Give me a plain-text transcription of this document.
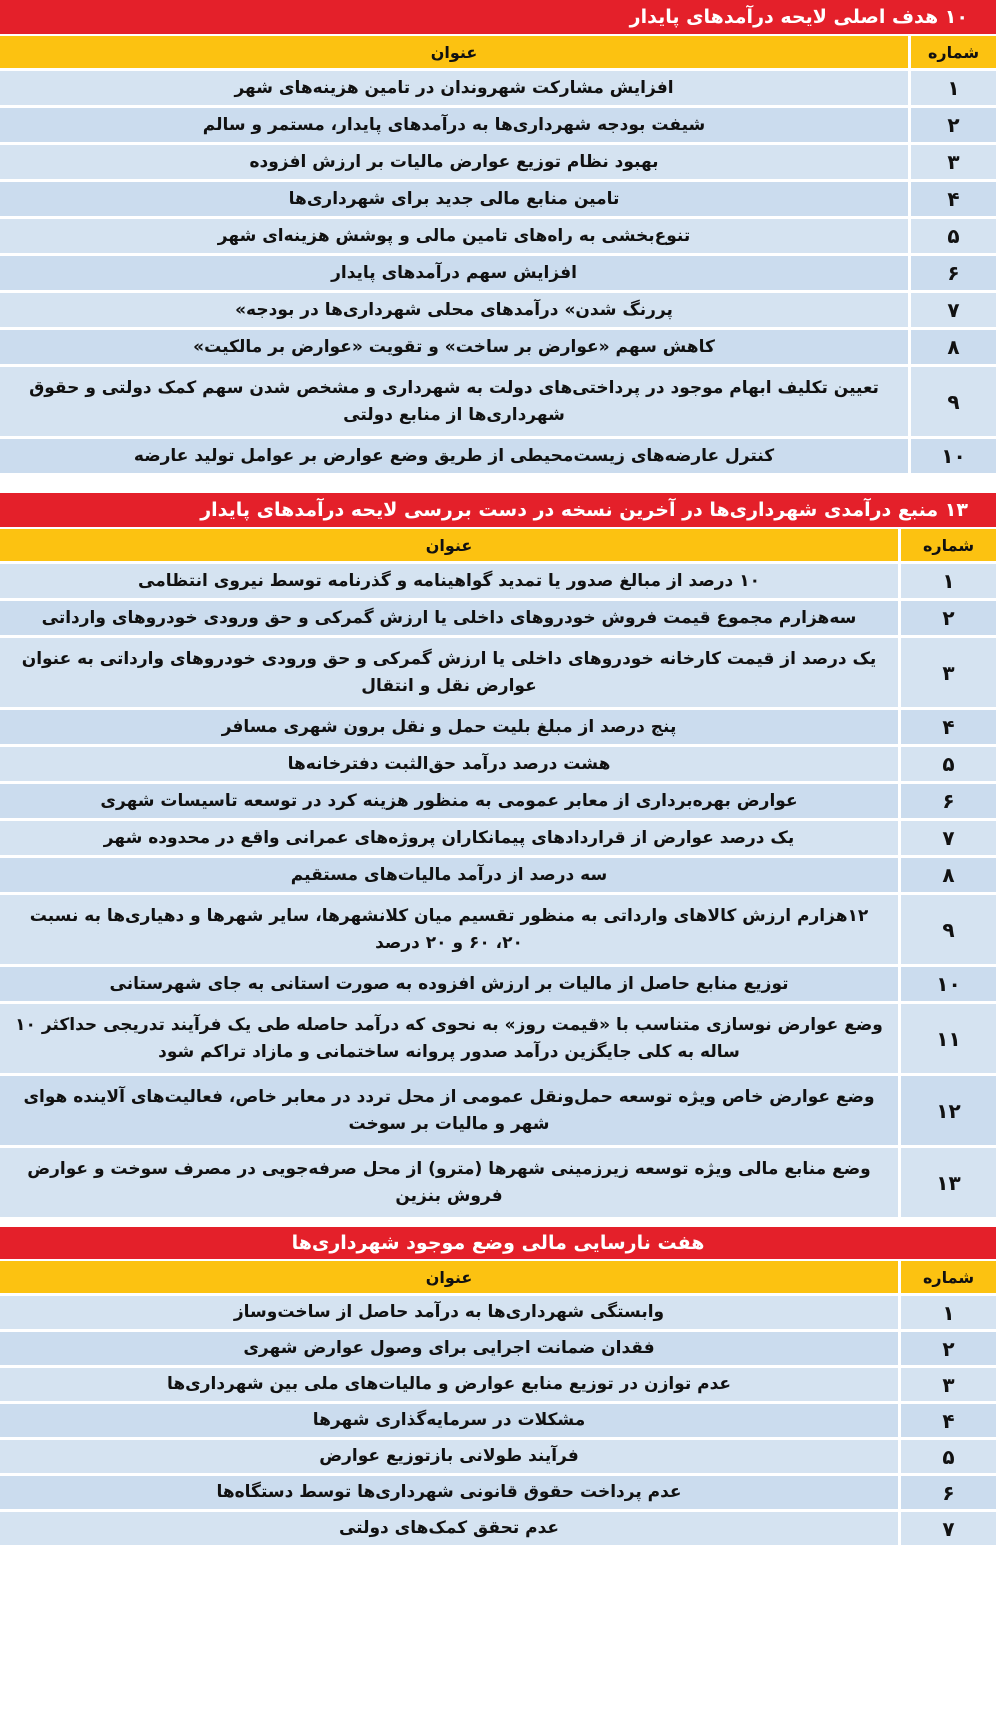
۱۰ هدف اصلی لایحه درآمدهای پایدار
شماره
عنوان
۱
افزایش مشارکت شهروندان در تامین هزینه‌های شهر
۲
شیفت بودجه شهرداری‌ها به درآمدهای پایدار، مستمر و سالم
۳
بهبود نظام توزیع عوارض مالیات بر ارزش افزوده
۴
تامین منابع مالی جدید برای شهرداری‌ها
۵
تنوع‌بخشی به راه‌های تامین مالی و پوشش هزینه‌ای شهر
۶
افزایش سهم درآمدهای پایدار
۷
پررنگ شدن» درآمدهای محلی شهرداری‌ها در بودجه»
۸
کاهش سهم «عوارض بر ساخت» و تقویت «عوارض بر مالکیت»
۹
تعیین تکلیف ابهام موجود در پرداختی‌های دولت به شهرداری و مشخص شدن سهم کمک دولتی و حقوق شهرداری‌ها از منابع دولتی
۱۰
کنترل عارضه‌های زیست‌محیطی از طریق وضع عوارض بر عوامل تولید عارضه
۱۳ منبع درآمدی شهرداری‌ها در آخرین نسخه در دست بررسی لایحه درآمدهای پایدار
شماره
عنوان
۱
۱۰ درصد از مبالغ صدور یا تمدید گواهینامه و گذرنامه توسط نیروی انتظامی
۲
سه‌هزارم مجموع قیمت فروش خودروهای داخلی یا ارزش گمرکی و حق ورودی خودروهای وارداتی
۳
یک درصد از قیمت کارخانه خودروهای داخلی یا ارزش گمرکی و حق ورودی خودروهای وارداتی به عنوان عوارض نقل و انتقال
۴
پنج درصد از مبلغ بلیت حمل و نقل برون شهری مسافر
۵
هشت درصد درآمد حق‌الثبت دفترخانه‌ها
۶
عوارض بهره‌برداری از معابر عمومی به منظور هزینه کرد در توسعه تاسیسات شهری
۷
یک درصد عوارض از قراردادهای پیمانکاران پروژه‌های عمرانی واقع در محدوده شهر
۸
سه درصد از درآمد مالیات‌های مستقیم
۹
۱۲هزارم ارزش کالاهای وارداتی به منظور تقسیم میان کلانشهرها، سایر شهرها و دهیاری‌ها به نسبت ۲۰، ۶۰ و ۲۰ درصد
۱۰
توزیع منابع حاصل از مالیات بر ارزش افزوده به صورت استانی به جای شهرستانی
۱۱
وضع عوارض نوسازی متناسب با «قیمت روز» به نحوی که درآمد حاصله طی یک فرآیند تدریجی حداکثر ۱۰ ساله به کلی جایگزین درآمد صدور پروانه ساختمانی و مازاد تراکم شود
۱۲
وضع عوارض خاص ویژه توسعه حمل‌ونقل عمومی از محل تردد در معابر خاص، فعالیت‌های آلاینده هوای شهر و مالیات بر سوخت
۱۳
وضع منابع مالی ویژه توسعه زیرزمینی شهرها (مترو) از محل صرفه‌جویی در مصرف سوخت و عوارض فروش بنزین
هفت نارسایی مالی وضع موجود شهرداری‌ها
شماره
عنوان
۱
وابستگی شهرداری‌ها به درآمد حاصل از ساخت‌وساز
۲
فقدان ضمانت اجرایی برای وصول عوارض شهری
۳
عدم توازن در توزیع منابع عوارض و مالیات‌های ملی بین شهرداری‌ها
۴
مشکلات در سرمایه‌گذاری شهرها
۵
فرآیند طولانی بازتوزیع عوارض
۶
عدم پرداخت حقوق قانونی شهرداری‌ها توسط دستگاه‌ها
۷
عدم تحقق کمک‌های دولتی
